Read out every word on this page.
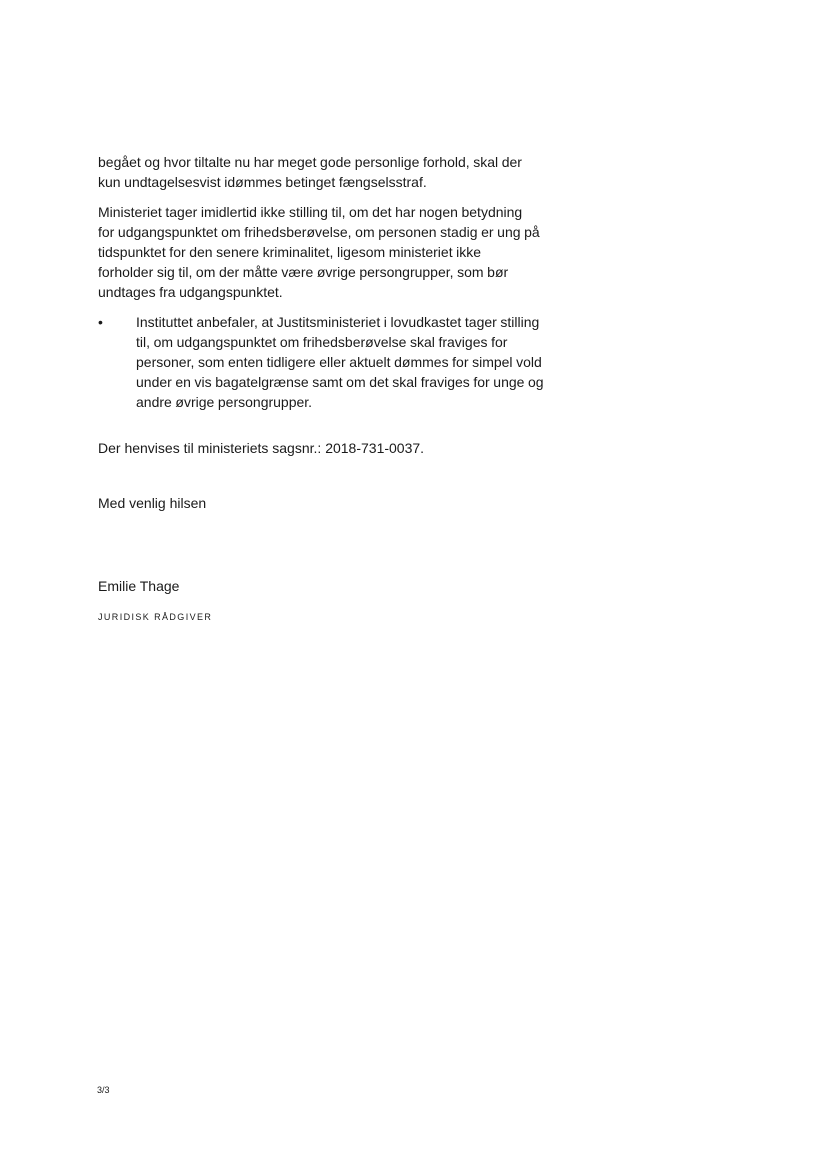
begået og hvor tiltalte nu har meget gode personlige forhold, skal der
kun undtagelsesvist idømmes betinget fængselsstraf.

Ministeriet tager imidlertid ikke stilling til, om det har nogen betydning
for udgangspunktet om frihedsberøvelse, om personen stadig er ung på
tidspunktet for den senere kriminalitet, ligesom ministeriet ikke
forholder sig til, om der måtte være øvrige persongrupper, som bør
undtages fra udgangspunktet.

•	Instituttet anbefaler, at Justitsministeriet i lovudkastet tager stilling
til, om udgangspunktet om frihedsberøvelse skal fraviges for
personer, som enten tidligere eller aktuelt dømmes for simpel vold
under en vis bagatelgrænse samt om det skal fraviges for unge og
andre øvrige persongrupper.

Der henvises til ministeriets sagsnr.: 2018-731-0037.

Med venlig hilsen

Emilie Thage

JURIDISK RÅDGIVER

3/3
